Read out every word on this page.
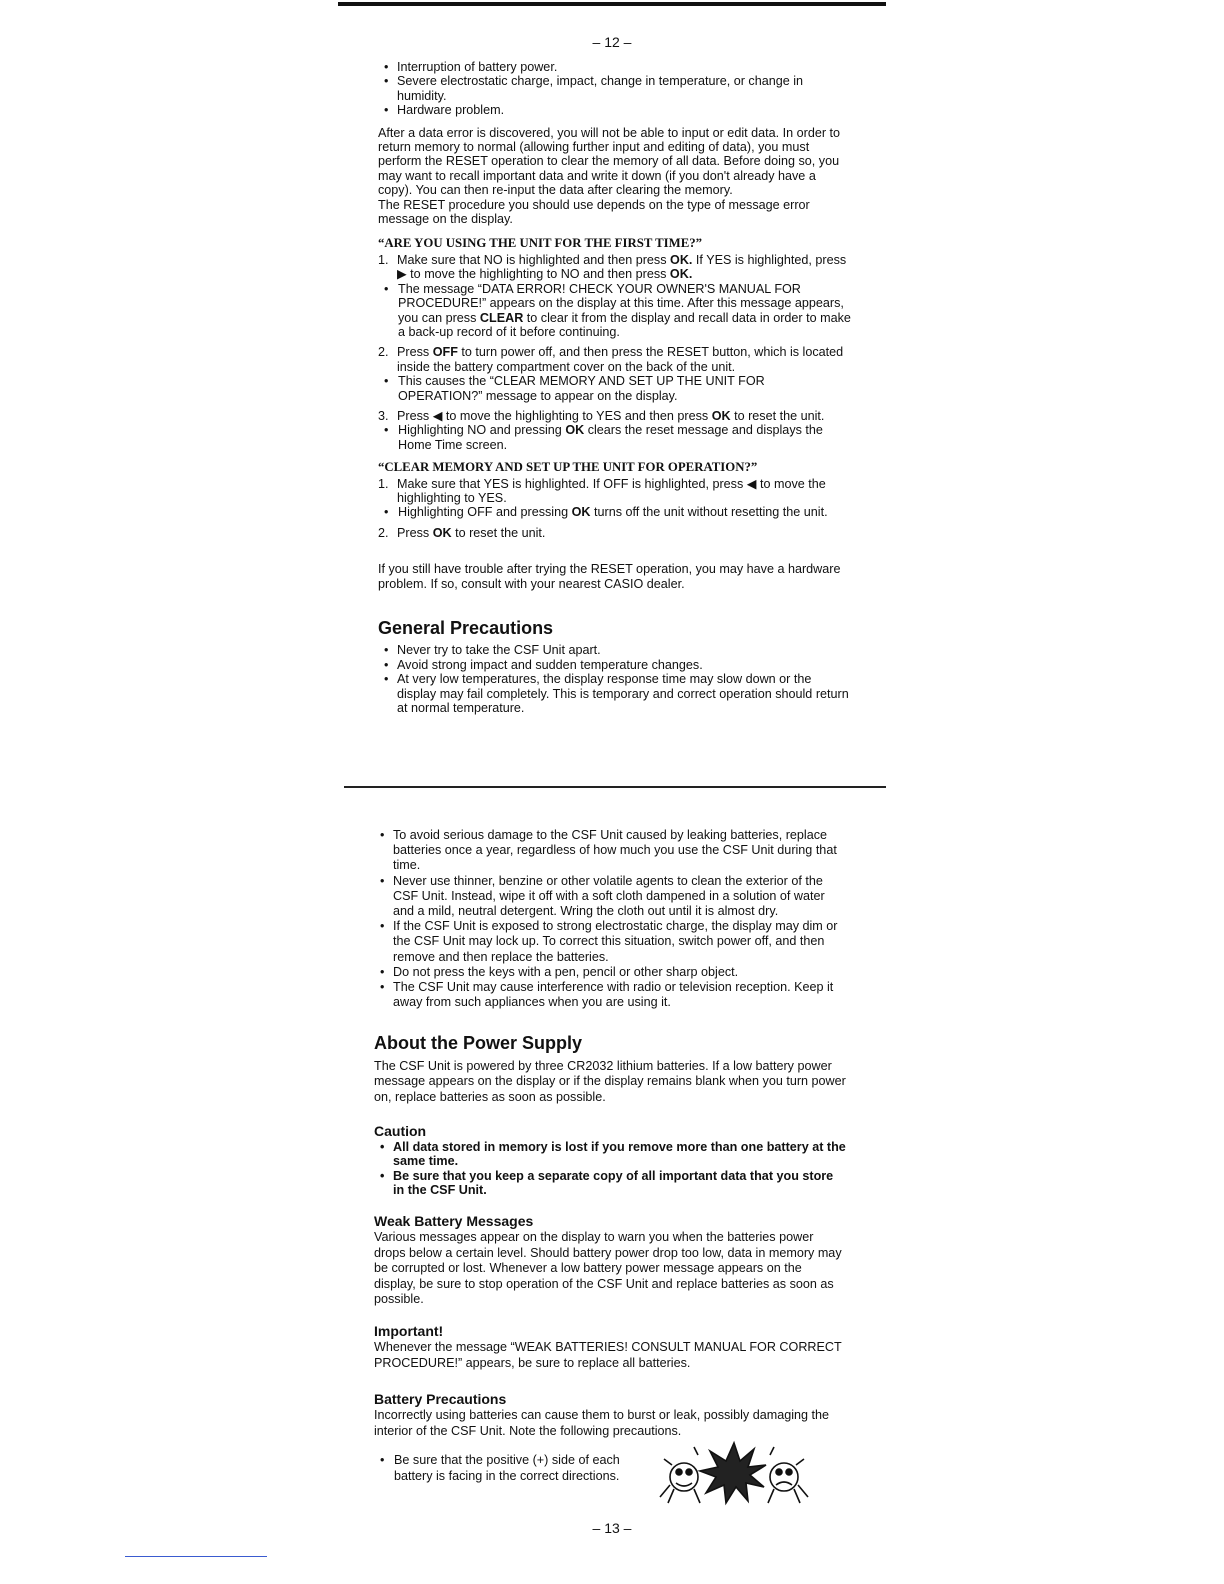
– 12 –
• Interruption of battery power.
• Severe electrostatic charge, impact, change in temperature, or change in humidity.
• Hardware problem.

After a data error is discovered, you will not be able to input or edit data. In order to return memory to normal (allowing further input and editing of data), you must perform the RESET operation to clear the memory of all data. Before doing so, you may want to recall important data and write it down (if you don't already have a copy). You can then re-input the data after clearing the memory.

The RESET procedure you should use depends on the type of message error message on the display.

“ARE YOU USING THE UNIT FOR THE FIRST TIME?”
1. Make sure that NO is highlighted and then press OK. If YES is highlighted, press
▶ to move the highlighting to NO and then press OK.
• The message “DATA ERROR! CHECK YOUR OWNER'S MANUAL FOR PROCEDURE!” appears on the display at this time. After this message appears, you can press CLEAR to clear it from the display and recall data in order to make a back-up record of it before continuing.
2. Press OFF to turn power off, and then press the RESET button, which is located inside the battery compartment cover on the back of the unit.
• This causes the “CLEAR MEMORY AND SET UP THE UNIT FOR OPERATION?” message to appear on the display.
3. Press ◀ to move the highlighting to YES and then press OK to reset the unit.
• Highlighting NO and pressing OK clears the reset message and displays the Home Time screen.
“CLEAR MEMORY AND SET UP THE UNIT FOR OPERATION?”
1. Make sure that YES is highlighted. If OFF is highlighted, press ◀ to move the highlighting to YES.
• Highlighting OFF and pressing OK turns off the unit without resetting the unit.
2. Press OK to reset the unit.

If you still have trouble after trying the RESET operation, you may have a hardware problem. If so, consult with your nearest CASIO dealer.

General Precautions
• Never try to take the CSF Unit apart.
• Avoid strong impact and sudden temperature changes.
• At very low temperatures, the display response time may slow down or the display may fail completely. This is temporary and correct operation should return at normal temperature.
• To avoid serious damage to the CSF Unit caused by leaking batteries, replace batteries once a year, regardless of how much you use the CSF Unit during that time.
• Never use thinner, benzine or other volatile agents to clean the exterior of the CSF Unit. Instead, wipe it off with a soft cloth dampened in a solution of water and a mild, neutral detergent. Wring the cloth out until it is almost dry.
• If the CSF Unit is exposed to strong electrostatic charge, the display may dim or the CSF Unit may lock up. To correct this situation, switch power off, and then remove and then replace the batteries.
• Do not press the keys with a pen, pencil or other sharp object.
• The CSF Unit may cause interference with radio or television reception. Keep it away from such appliances when you are using it.
About the Power Supply

The CSF Unit is powered by three CR2032 lithium batteries. If a low battery power message appears on the display or if the display remains blank when you turn power on, replace batteries as soon as possible.

Caution
• All data stored in memory is lost if you remove more than one battery at the same time.
• Be sure that you keep a separate copy of all important data that you store in the CSF Unit.
Weak Battery Messages

Various messages appear on the display to warn you when the batteries power drops below a certain level. Should battery power drop too low, data in memory may be corrupted or lost. Whenever a low battery power message appears on the display, be sure to stop operation of the CSF Unit and replace batteries as soon as possible.

Important!

Whenever the message “WEAK BATTERIES! CONSULT MANUAL FOR CORRECT PROCEDURE!” appears, be sure to replace all batteries.

Battery Precautions

Incorrectly using batteries can cause them to burst or leak, possibly damaging the interior of the CSF Unit. Note the following precautions.

• Be sure that the positive (+) side of each battery is facing in the correct directions.
– 13 –
